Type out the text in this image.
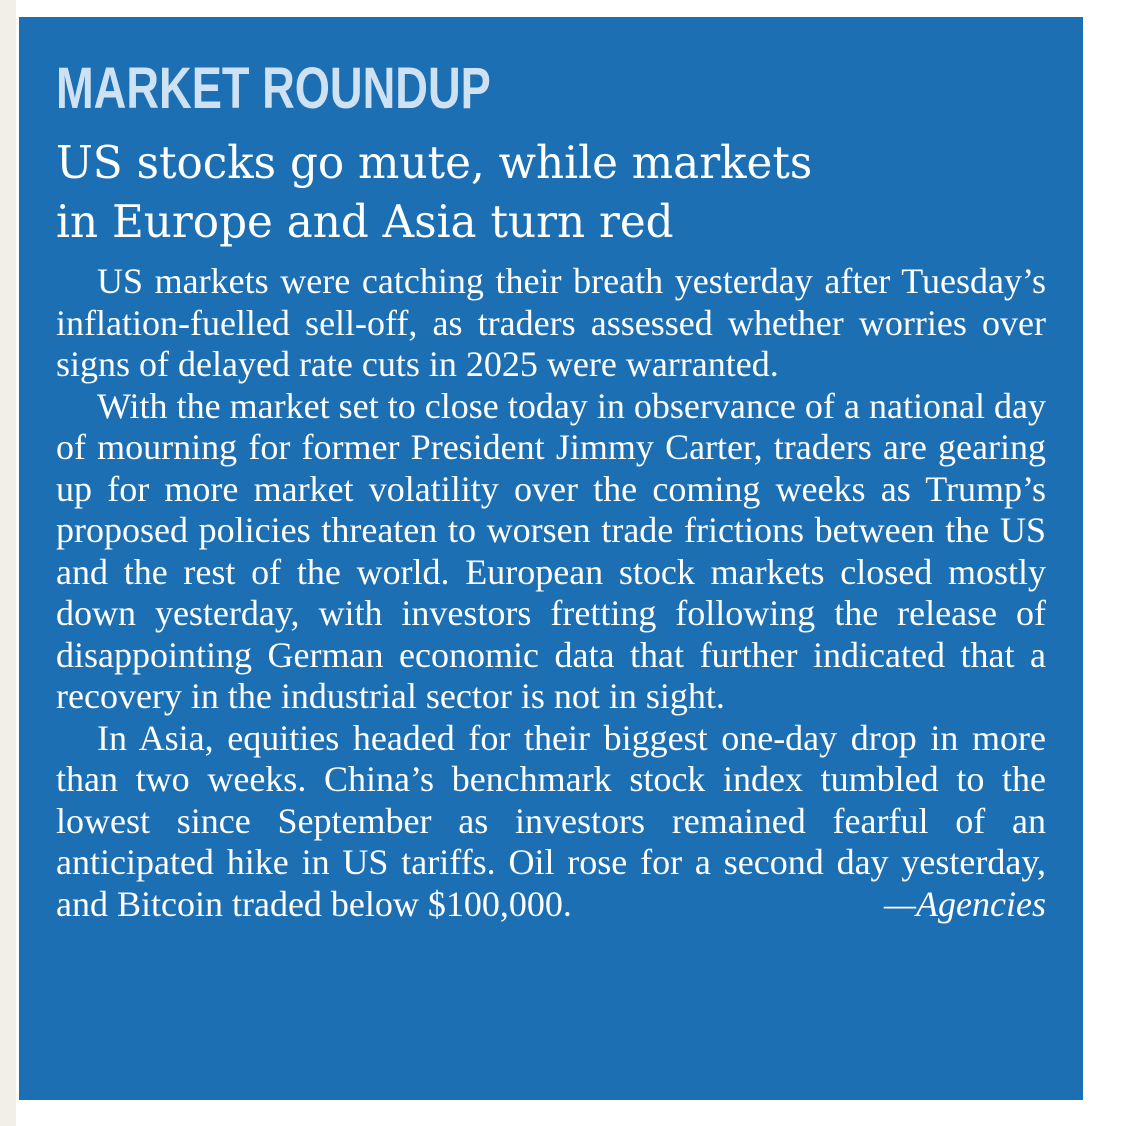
MARKET ROUNDUP
US stocks go mute, while markets
in Europe and Asia turn red

US markets were catching their breath yesterday after Tuesday’s inflation-fuelled sell-off, as traders assessed whether worries over signs of delayed rate cuts in 2025 were warranted.

With the market set to close today in observance of a national day of mourning for former President Jimmy Carter, traders are gearing up for more market volatility over the coming weeks as Trump’s proposed policies threaten to worsen trade frictions between the US and the rest of the world. European stock markets closed mostly down yesterday, with investors fretting following the release of disappointing German economic data that further indicated that a recovery in the industrial sector is not in sight.

In Asia, equities headed for their biggest one-day drop in more than two weeks. China’s benchmark stock index tumbled to the lowest since September as investors remained fearful of an anticipated hike in US tariffs. Oil rose for a second day yesterday, and Bitcoin traded below $100,000.	—Agencies
